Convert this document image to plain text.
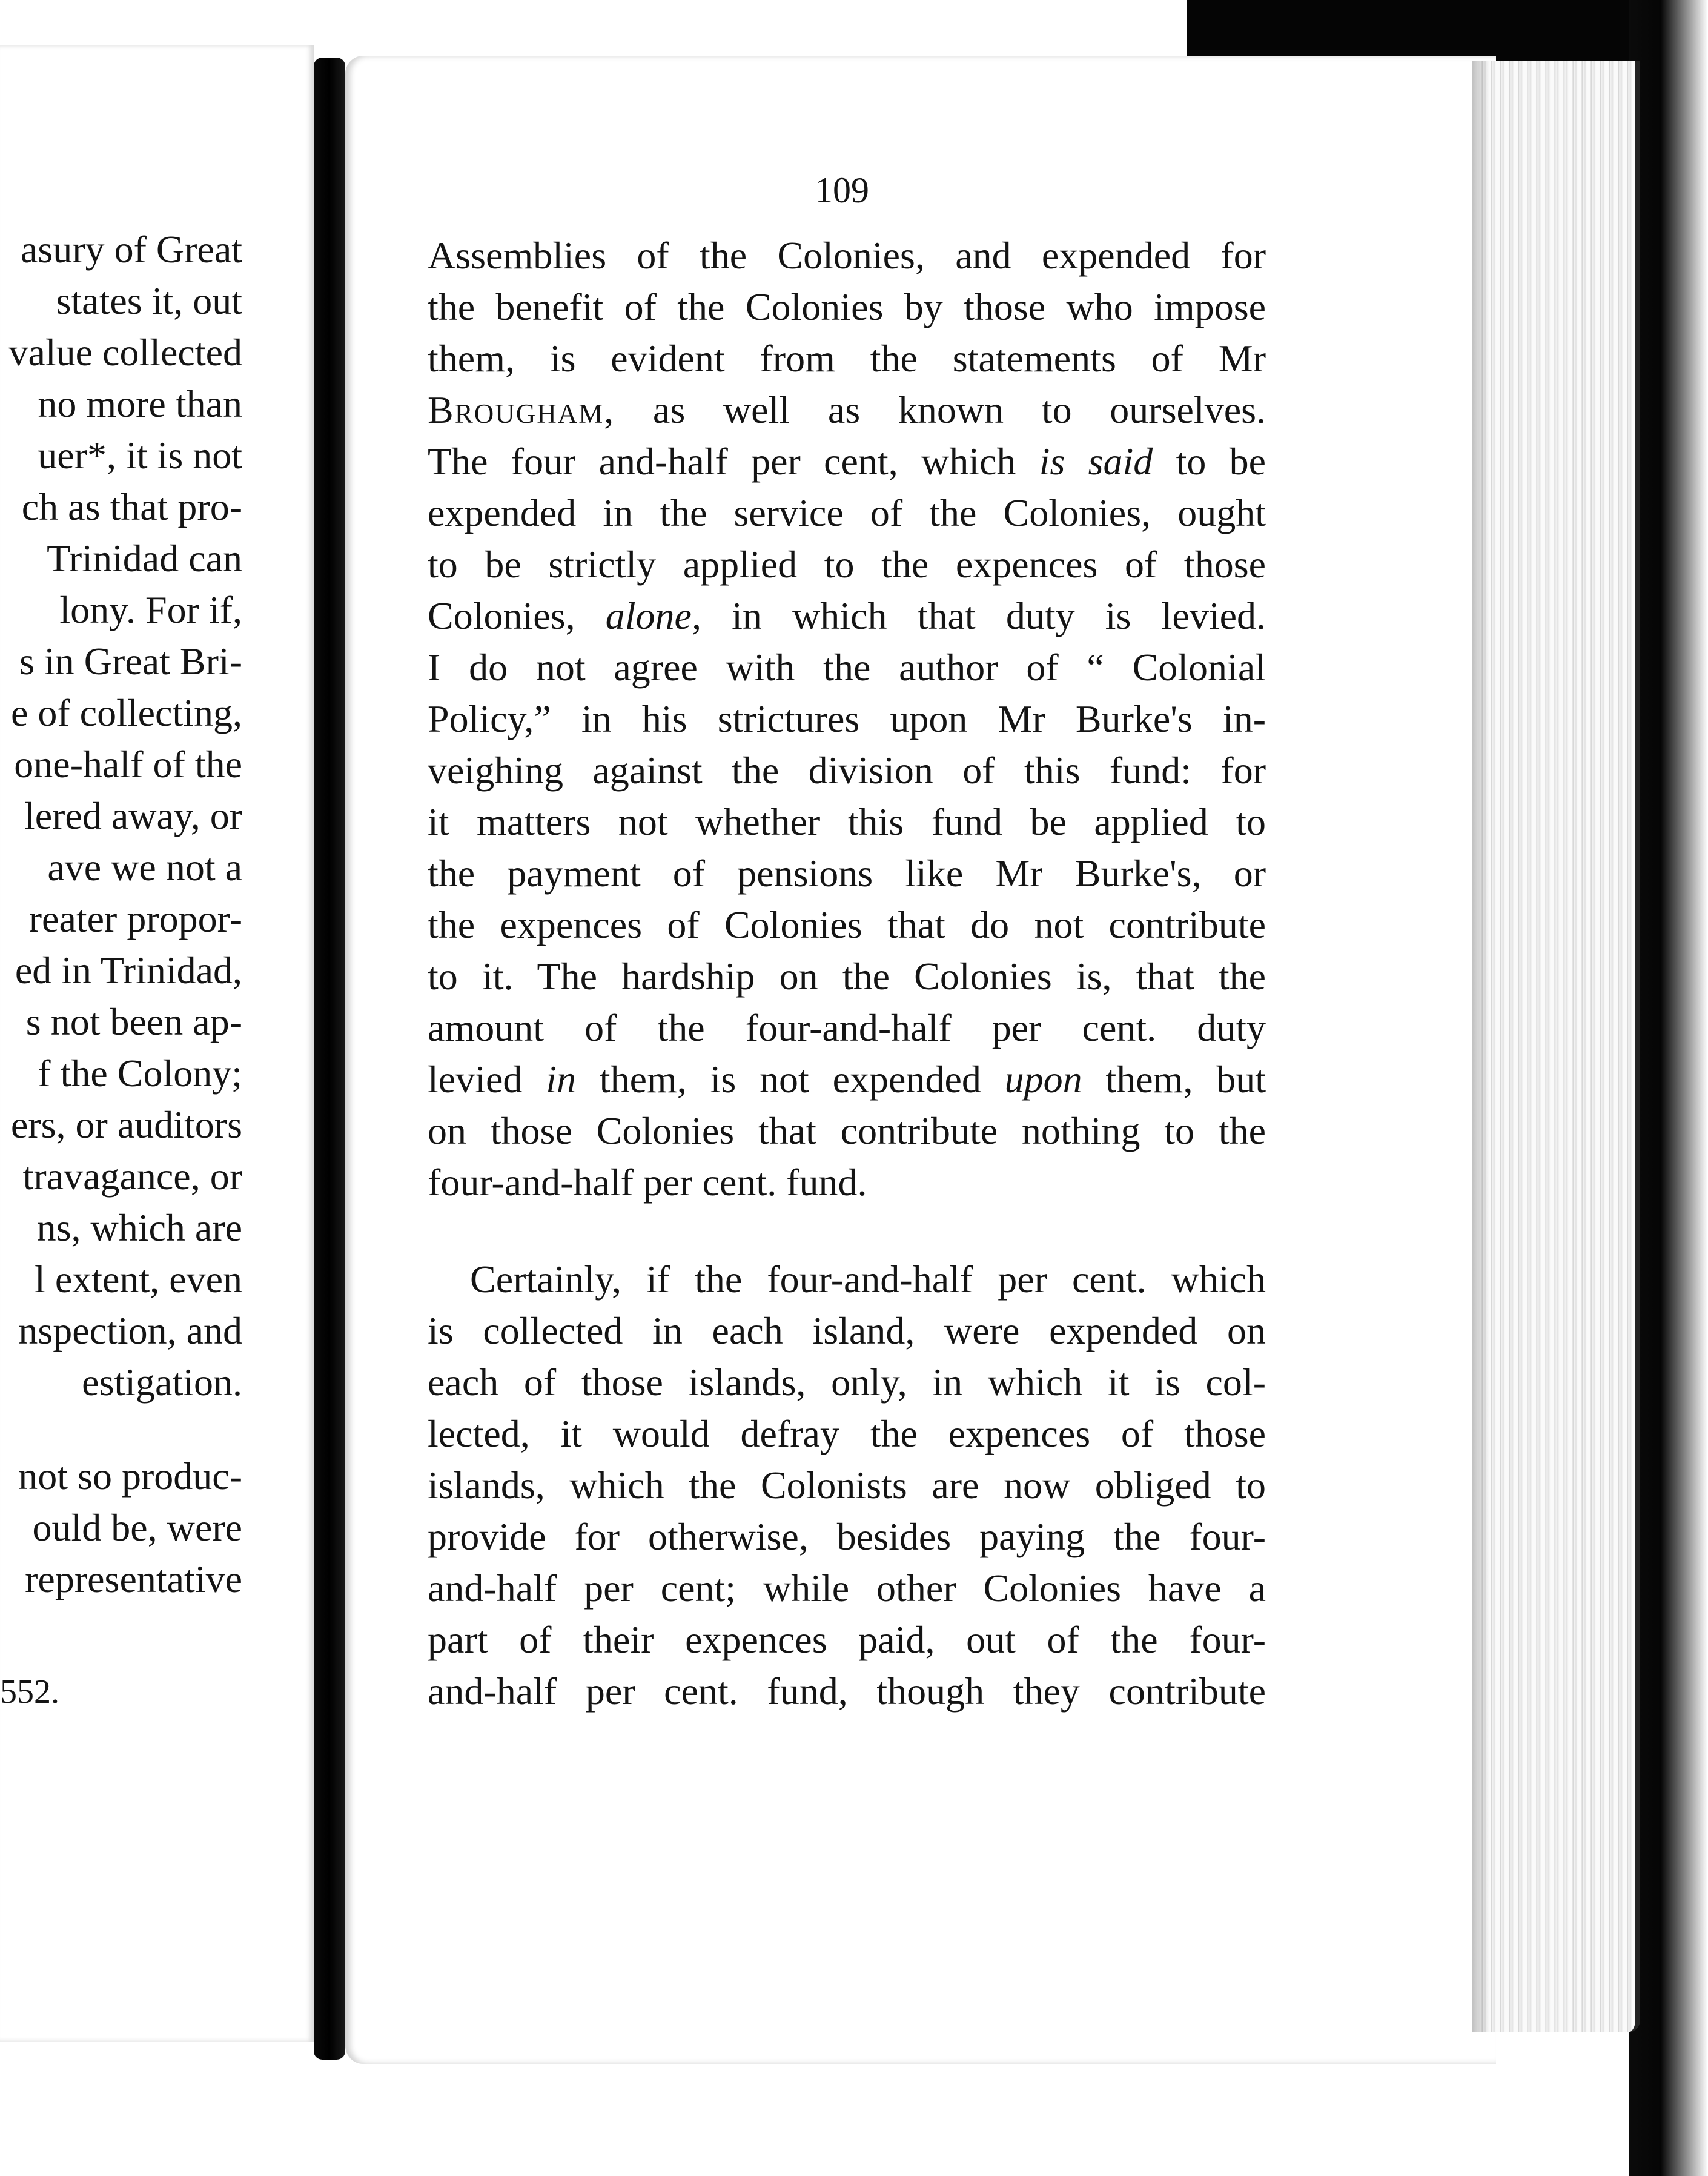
asury of Great
states it, out
value collected
no more than
uer*, it is not
ch as that pro-
Trinidad can
lony. For if,
s in Great Bri-
e of collecting,
one-half of the
lered away, or
ave we not a
reater propor-
ed in Trinidad,
s not been ap-
f the Colony;
ers, or auditors
travagance, or
ns, which are
l extent, even
nspection, and
estigation.
not so produc-
ould be, were
representative
552.
109
Assemblies of the Colonies, and expended for
the benefit of the Colonies by those who impose
them, is evident from the statements of Mr
Brougham, as well as known to ourselves.
The four and-half per cent, which is said to be
expended in the service of the Colonies, ought
to be strictly applied to the expences of those
Colonies, alone, in which that duty is levied.
I do not agree with the author of “ Colonial
Policy,” in his strictures upon Mr Burke's in-
veighing against the division of this fund: for
it matters not whether this fund be applied to
the payment of pensions like Mr Burke's, or
the expences of Colonies that do not contribute
to it. The hardship on the Colonies is, that the
amount of the four-and-half per cent. duty
levied in them, is not expended upon them, but
on those Colonies that contribute nothing to the
four-and-half per cent. fund.
Certainly, if the four-and-half per cent. which
is collected in each island, were expended on
each of those islands, only, in which it is col-
lected, it would defray the expences of those
islands, which the Colonists are now obliged to
provide for otherwise, besides paying the four-
and-half per cent; while other Colonies have a
part of their expences paid, out of the four-
and-half per cent. fund, though they contribute
